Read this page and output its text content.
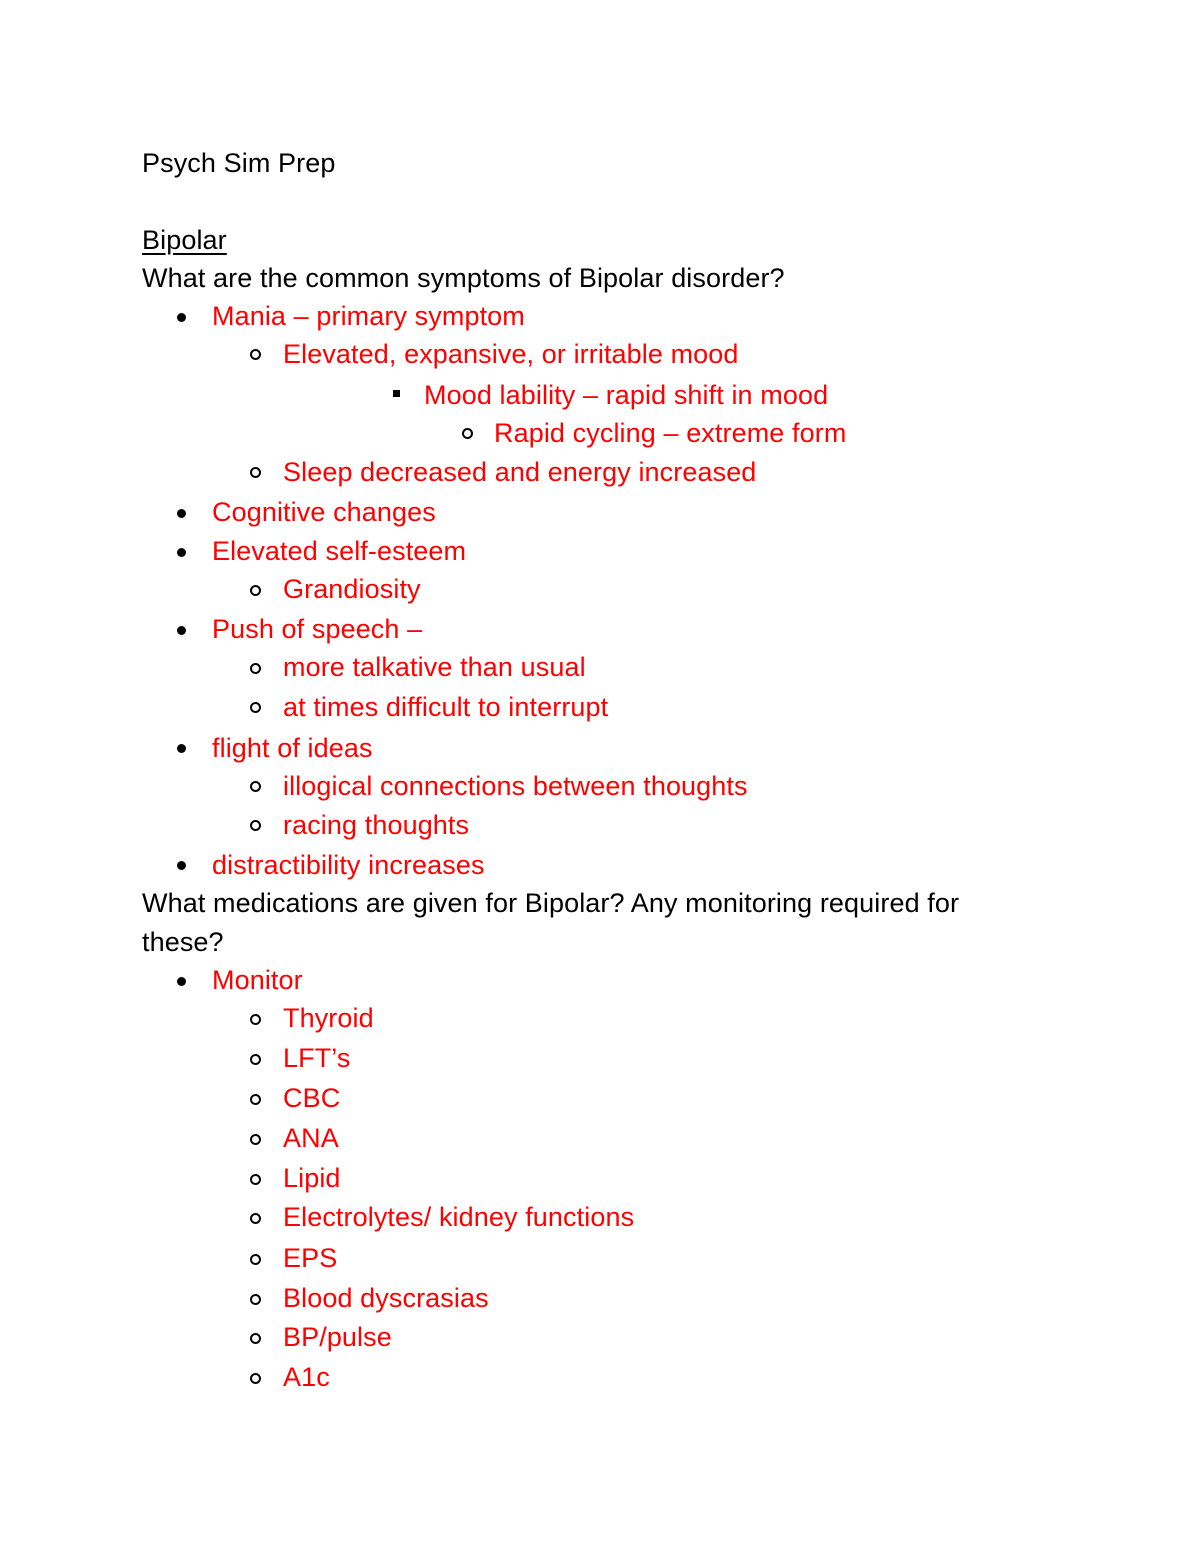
Psych Sim Prep
Bipolar
What are the common symptoms of Bipolar disorder?
Mania – primary symptom
Elevated, expansive, or irritable mood
Mood lability – rapid shift in mood
Rapid cycling – extreme form
Sleep decreased and energy increased
Cognitive changes
Elevated self-esteem
Grandiosity
Push of speech –
more talkative than usual
at times difficult to interrupt
flight of ideas
illogical connections between thoughts
racing thoughts
distractibility increases
What medications are given for Bipolar? Any monitoring required for
these?
Monitor
Thyroid
LFT’s
CBC
ANA
Lipid
Electrolytes/ kidney functions
EPS
Blood dyscrasias
BP/pulse
A1c
